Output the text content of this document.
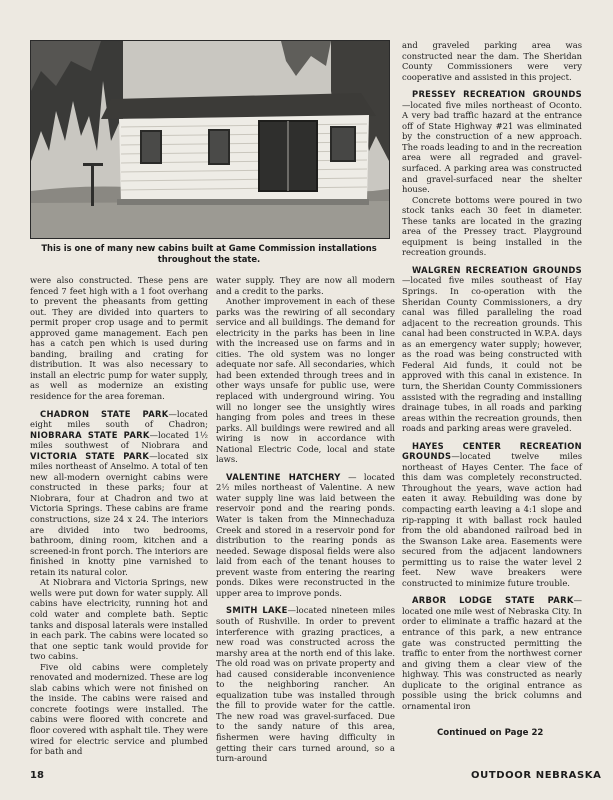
This is one of many new cabins built at Game Commission installations throughout the state.

were also constructed. These pens are fenced 7 feet high with a 1 foot overhang to prevent the pheasants from getting out. They are divided into quarters to permit proper crop usage and to permit approved game management. Each pen has a catch pen which is used during banding, brailing and crating for distribution. It was also necessary to install an electric pump for water supply, as well as modernize an existing residence for the area foreman.

CHADRON STATE PARK—located eight miles south of Chadron; NIOBRARA STATE PARK—located 1½ miles southwest of Niobrara and VICTORIA STATE PARK—located six miles northeast of Anselmo. A total of ten new all-modern overnight cabins were constructed in these parks; four at Niobrara, four at Chadron and two at Victoria Springs. These cabins are frame constructions, size 24 x 24. The interiors are divided into two bedrooms, bathroom, dining room, kitchen and a screened-in front porch. The interiors are finished in knotty pine varnished to retain its natural color.

At Niobrara and Victoria Springs, new wells were put down for water supply. All cabins have electricity, running hot and cold water and complete bath. Septic tanks and disposal laterals were installed in each park. The cabins were located so that one septic tank would provide for two cabins.

Five old cabins were completely renovated and modernized. These are log slab cabins which were not finished on the inside. The cabins were raised and concrete footings were installed. The cabins were floored with concrete and floor covered with asphalt tile. They were wired for electric service and plumbed for bath and

water supply. They are now all modern and a credit to the parks.

Another improvement in each of these parks was the rewiring of all secondary service and all buildings. The demand for electricity in the parks has been in line with the increased use on farms and in cities. The old system was no longer adequate nor safe. All secondaries, which had been extended through trees and in other ways unsafe for public use, were replaced with underground wiring. You will no longer see the unsightly wires hanging from poles and trees in these parks. All buildings were rewired and all wiring is now in accordance with National Electric Code, local and state laws.

VALENTINE HATCHERY — located 2½ miles northeast of Valentine. A new water supply line was laid between the reservoir pond and the rearing ponds. Water is taken from the Minnechaduza Creek and stored in a reservoir pond for distribution to the rearing ponds as needed. Sewage disposal fields were also laid from each of the tenant houses to prevent waste from entering the rearing ponds. Dikes were reconstructed in the upper area to improve ponds.

SMITH LAKE—located nineteen miles south of Rushville. In order to prevent interference with grazing practices, a new road was constructed across the marshy area at the north end of this lake. The old road was on private property and had caused considerable inconvenience to the neighboring rancher. An equalization tube was installed through the fill to provide water for the cattle. The new road was gravel-surfaced. Due to the sandy nature of this area, fishermen were having difficulty in getting their cars turned around, so a turn-around

and graveled parking area was constructed near the dam. The Sheridan County Commissioners were very cooperative and assisted in this project.

PRESSEY RECREATION GROUNDS—located five miles northeast of Oconto. A very bad traffic hazard at the entrance off of State Highway #21 was eliminated by the construction of a new approach. The roads leading to and in the recreation area were all regraded and gravel-surfaced. A parking area was constructed and gravel-surfaced near the shelter house.

Concrete bottoms were poured in two stock tanks each 30 feet in diameter. These tanks are located in the grazing area of the Pressey tract. Playground equipment is being installed in the recreation grounds.

WALGREN RECREATION GROUNDS—located five miles southeast of Hay Springs. In co-operation with the Sheridan County Commissioners, a dry canal was filled paralleling the road adjacent to the recreation grounds. This canal had been constructed in W.P.A. days as an emergency water supply; however, as the road was being constructed with Federal Aid funds, it could not be approved with this canal in existence. In turn, the Sheridan County Commissioners assisted with the regrading and installing drainage tubes, in all roads and parking areas within the recreation grounds, then roads and parking areas were graveled.

HAYES CENTER RECREATION GROUNDS—located twelve miles northeast of Hayes Center. The face of this dam was completely reconstructed. Throughout the years, wave action had eaten it away. Rebuilding was done by compacting earth leaving a 4:1 slope and rip-rapping it with ballast rock hauled from the old abandoned railroad bed in the Swanson Lake area. Easements were secured from the adjacent landowners permitting us to raise the water level 2 feet. New wave breakers were constructed to minimize future trouble.

ARBOR LODGE STATE PARK—located one mile west of Nebraska City. In order to eliminate a traffic hazard at the entrance of this park, a new entrance gate was constructed permitting the traffic to enter from the northwest corner and giving them a clear view of the highway. This was constructed as nearly duplicate to the original entrance as possible using the brick columns and ornamental iron

Continued on Page 22
18	OUTDOOR NEBRASKA
